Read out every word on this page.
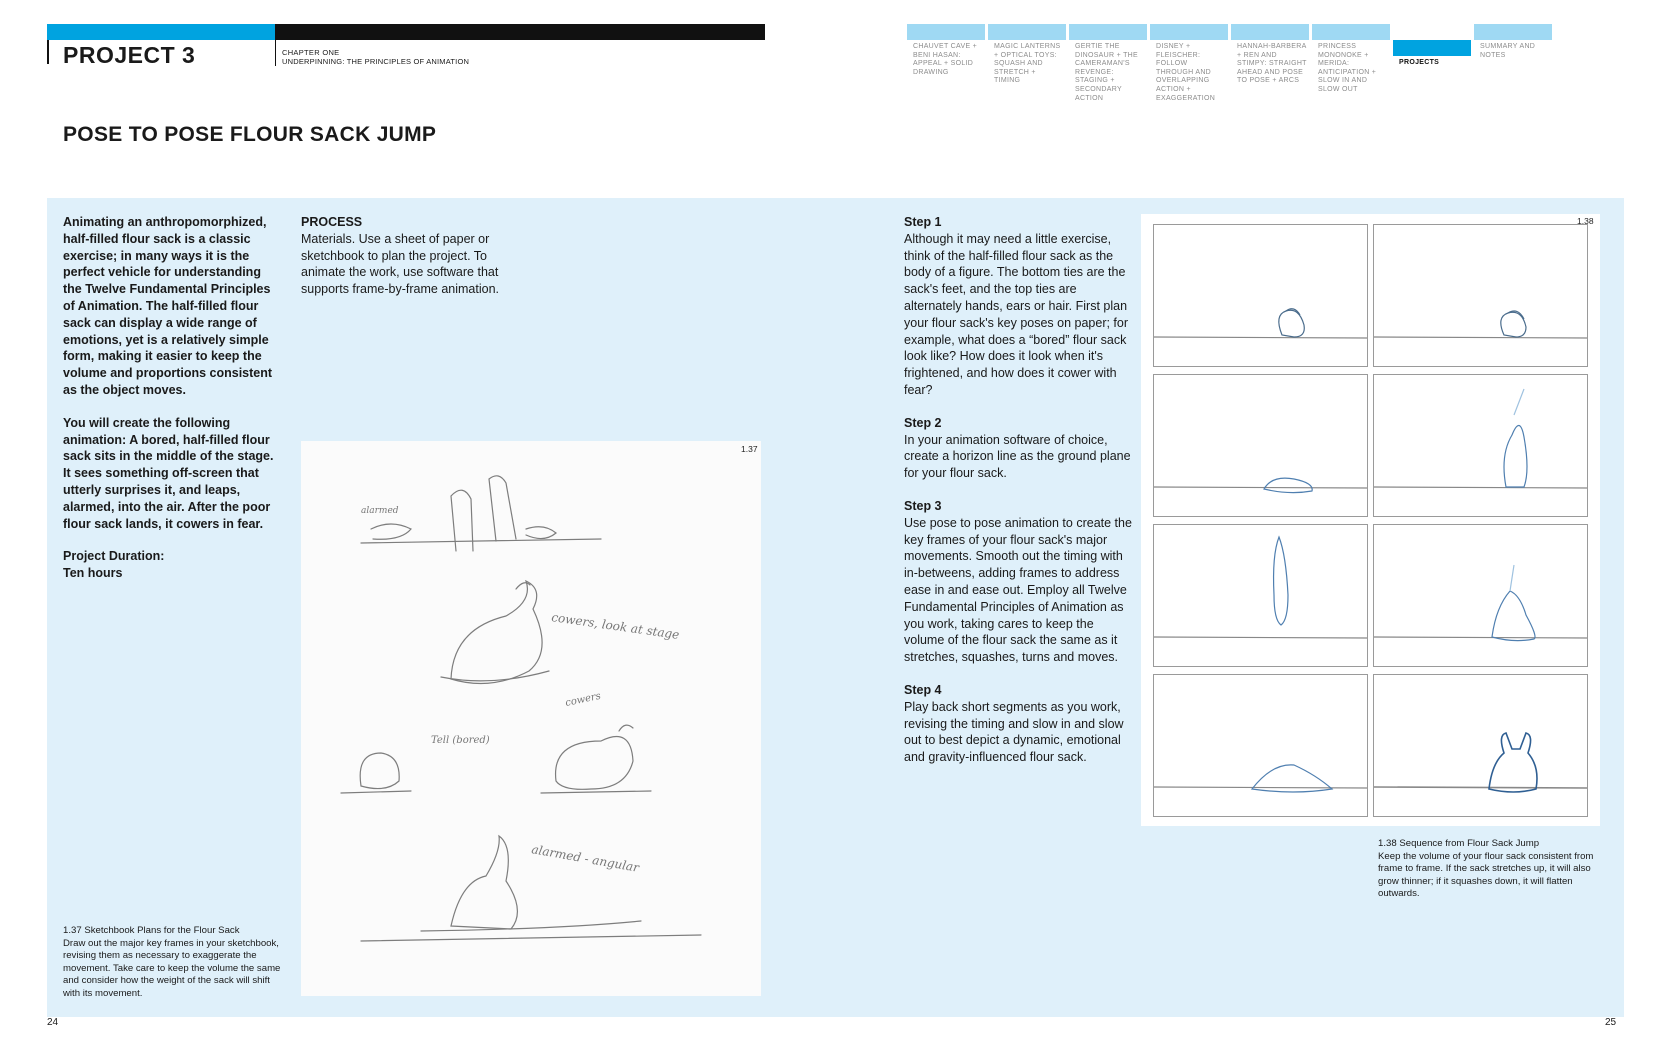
PROJECT 3	CHAPTER ONE
UNDERPINNING: THE PRINCIPLES OF ANIMATION
CHAUVET CAVE + BENI HASAN: APPEAL + SOLID DRAWING
MAGIC LANTERNS + OPTICAL TOYS: SQUASH AND STRETCH + TIMING
GERTIE THE DINOSAUR + THE CAMERAMAN'S REVENGE: STAGING + SECONDARY ACTION
DISNEY + FLEISCHER: FOLLOW THROUGH AND OVERLAPPING ACTION + EXAGGERATION
HANNAH-BARBERA + REN AND STIMPY: STRAIGHT AHEAD AND POSE TO POSE + ARCS
PRINCESS MONONOKE + MERIDA: ANTICIPATION + SLOW IN AND SLOW OUT
PROJECTS
SUMMARY AND NOTES
POSE TO POSE FLOUR SACK JUMP

Animating an anthropomorphized, half-filled flour sack is a classic exercise; in many ways it is the perfect vehicle for understanding the Twelve Fundamental Principles of Animation. The half-filled flour sack can display a wide range of emotions, yet is a relatively simple form, making it easier to keep the volume and proportions consistent as the object moves.

You will create the following animation: A bored, half-filled flour sack sits in the middle of the stage. It sees something off-screen that utterly surprises it, and leaps, alarmed, into the air. After the poor flour sack lands, it cowers in fear.

Project Duration:
Ten hours
PROCESS
Materials. Use a sheet of paper or sketchbook to plan the project. To animate the work, use software that supports frame-by-frame animation.
alarmed
cowers, look at stage
cowers
Tell (bored)
alarmed - angular
1.37
1.37 Sketchbook Plans for the Flour Sack
Draw out the major key frames in your sketchbook, revising them as necessary to exaggerate the movement. Take care to keep the volume the same and consider how the weight of the sack will shift with its movement.
Step 1
Although it may need a little exercise, think of the half-filled flour sack as the body of a figure. The bottom ties are the sack's feet, and the top ties are alternately hands, ears or hair. First plan your flour sack's key poses on paper; for example, what does a “bored” flour sack look like? How does it look when it's frightened, and how does it cower with fear?
Step 2
In your animation software of choice, create a horizon line as the ground plane for your flour sack.
Step 3
Use pose to pose animation to create the key frames of your flour sack's major movements. Smooth out the timing with in-betweens, adding frames to address ease in and ease out. Employ all Twelve Fundamental Principles of Animation as you work, taking cares to keep the volume of the flour sack the same as it stretches, squashes, turns and moves.
Step 4
Play back short segments as you work, revising the timing and slow in and slow out to best depict a dynamic, emotional and gravity-influenced flour sack.
1.38
1.38 Sequence from Flour Sack Jump
Keep the volume of your flour sack consistent from frame to frame. If the sack stretches up, it will also grow thinner; if it squashes down, it will flatten outwards.
24	25
